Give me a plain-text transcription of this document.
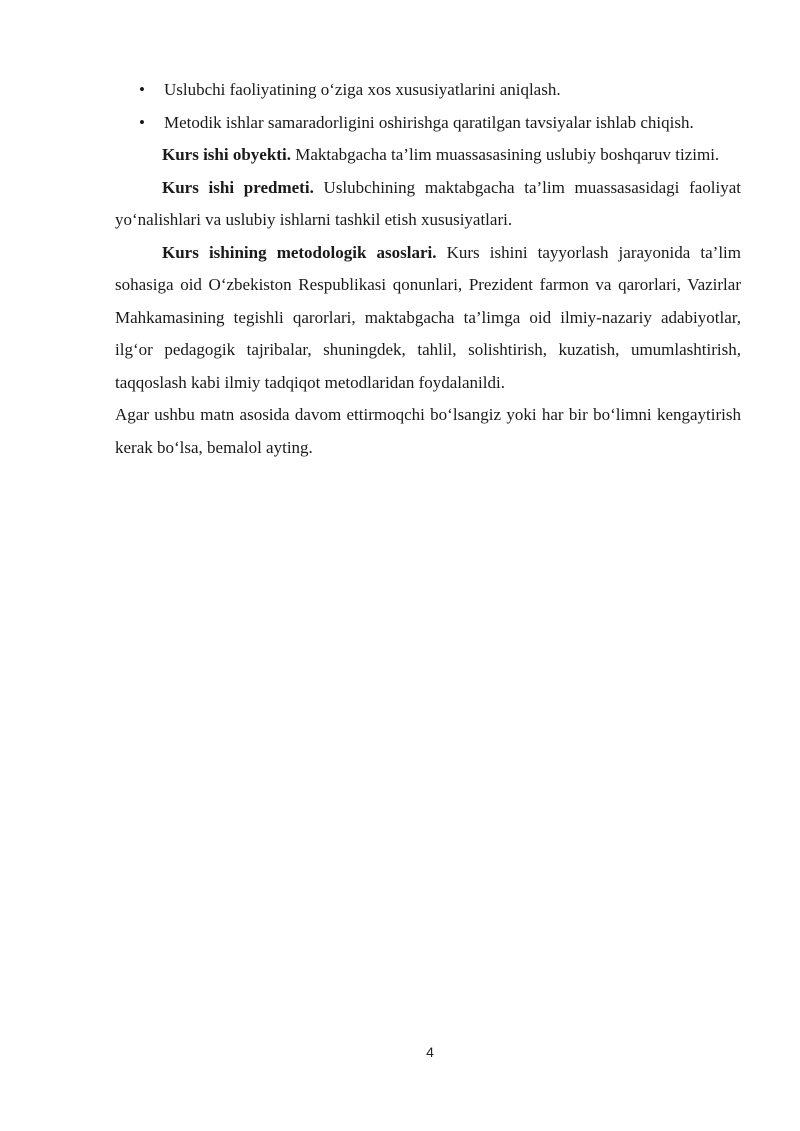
• Uslubchi faoliyatining o‘ziga xos xususiyatlarini aniqlash.
• Metodik ishlar samaradorligini oshirishga qaratilgan tavsiyalar ishlab chiqish.

Kurs ishi obyekti. Maktabgacha ta’lim muassasasining uslubiy boshqaruv tizimi.

Kurs ishi predmeti. Uslubchining maktabgacha ta’lim muassasasidagi faoliyat yo‘nalishlari va uslubiy ishlarni tashkil etish xususiyatlari.

Kurs ishining metodologik asoslari. Kurs ishini tayyorlash jarayonida ta’lim sohasiga oid O‘zbekiston Respublikasi qonunlari, Prezident farmon va qarorlari, Vazirlar Mahkamasining tegishli qarorlari, maktabgacha ta’limga oid ilmiy-nazariy adabiyotlar, ilg‘or pedagogik tajribalar, shuningdek, tahlil, solishtirish, kuzatish, umumlashtirish, taqqoslash kabi ilmiy tadqiqot metodlaridan foydalanildi.

Agar ushbu matn asosida davom ettirmoqchi bo‘lsangiz yoki har bir bo‘limni kengaytirish kerak bo‘lsa, bemalol ayting.

4
